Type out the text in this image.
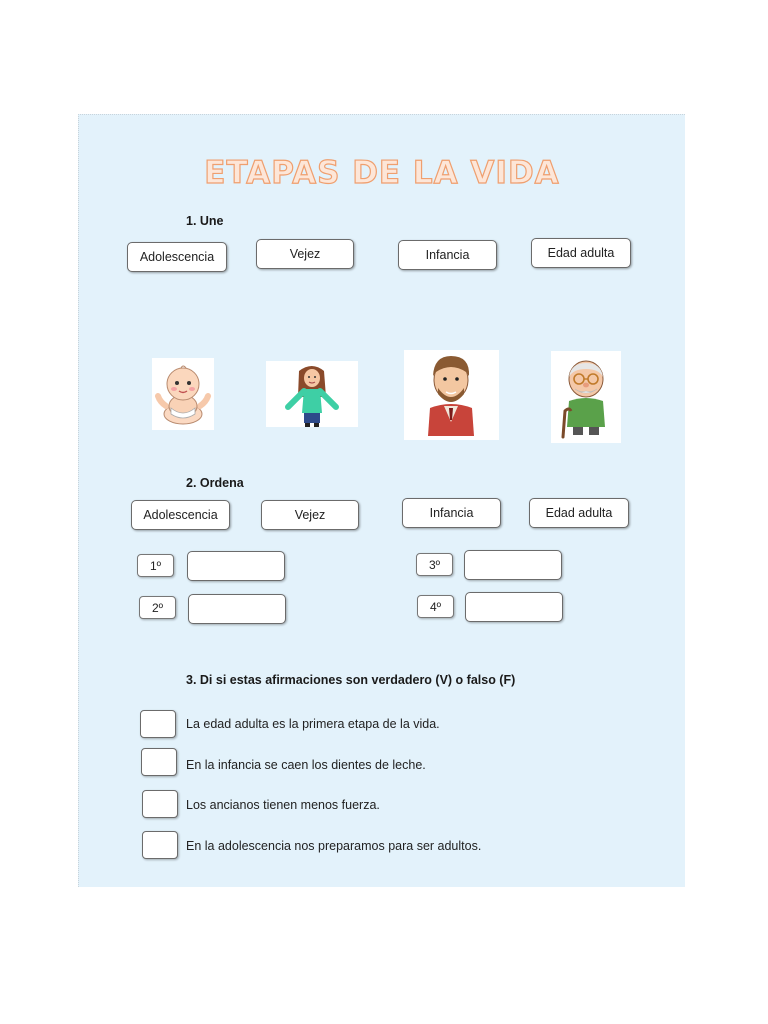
ETAPAS DE LA VIDA
1. Une
Adolescencia	Vejez	Infancia	Edad adulta
2. Ordena
Adolescencia	Vejez	Infancia	Edad adulta
1º
2º
3º
4º
3. Di si estas afirmaciones son verdadero (V) o falso (F)
La edad adulta es la primera etapa de la vida.
En la infancia se caen los dientes de leche.
Los ancianos tienen menos fuerza.
En la adolescencia nos preparamos para ser adultos.
